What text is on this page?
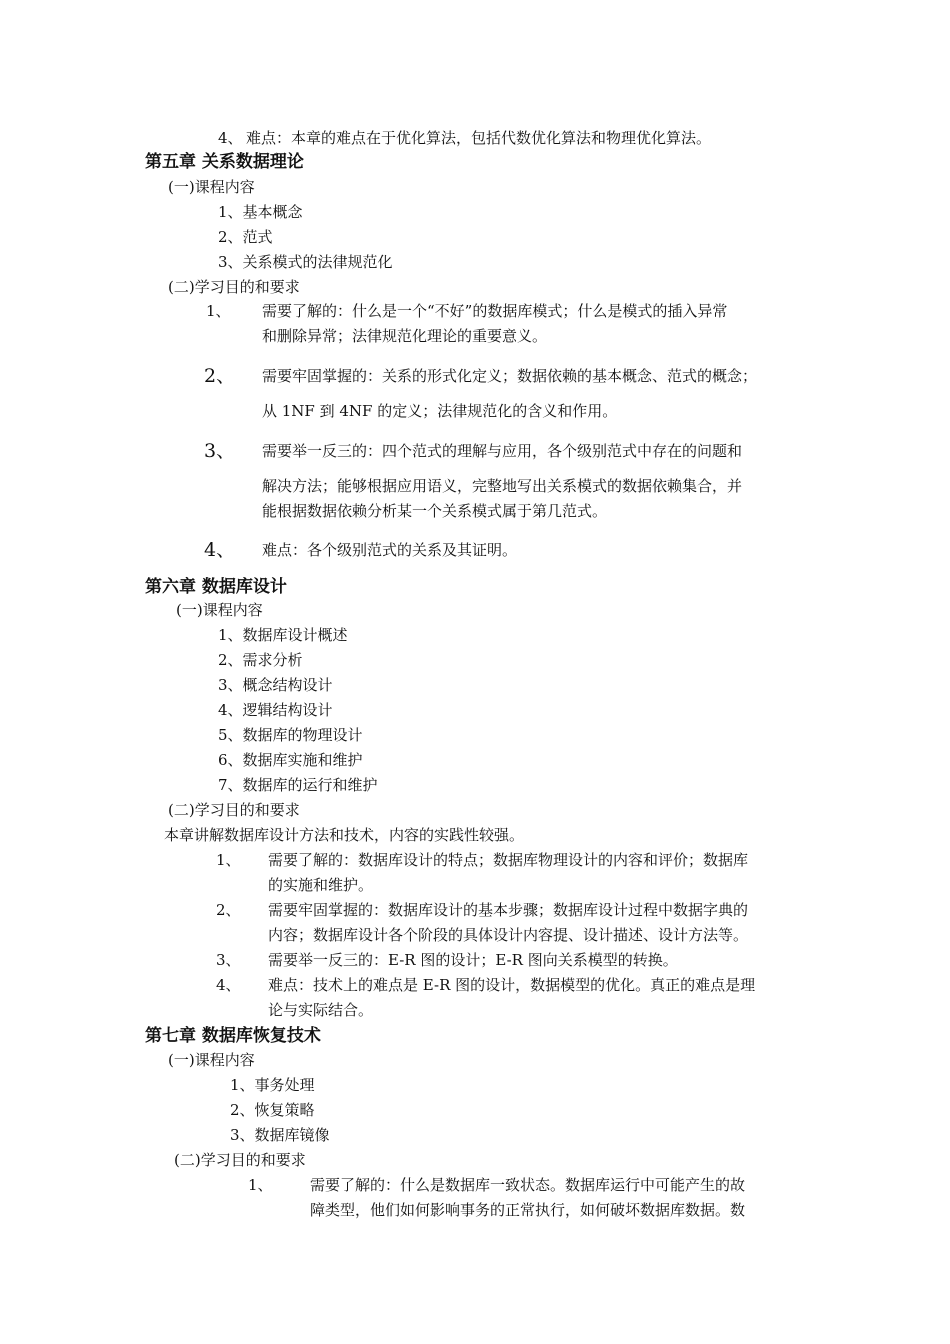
4、 难点：本章的难点在于优化算法，包括代数优化算法和物理优化算法。
第五章 关系数据理论
(一)课程内容
1、基本概念
2、范式
3、关系模式的法律规范化
(二)学习目的和要求
1、 需要了解的：什么是一个“不好”的数据库模式；什么是模式的插入异常
和删除异常；法律规范化理论的重要意义。
2、 需要牢固掌握的：关系的形式化定义；数据依赖的基本概念、范式的概念；
从 1NF 到 4NF 的定义；法律规范化的含义和作用。
3、 需要举一反三的：四个范式的理解与应用，各个级别范式中存在的问题和
解决方法；能够根据应用语义，完整地写出关系模式的数据依赖集合，并
能根据数据依赖分析某一个关系模式属于第几范式。
4、 难点：各个级别范式的关系及其证明。
第六章 数据库设计
(一)课程内容
1、数据库设计概述
2、需求分析
3、概念结构设计
4、逻辑结构设计
5、数据库的物理设计
6、数据库实施和维护
7、数据库的运行和维护
(二)学习目的和要求
本章讲解数据库设计方法和技术，内容的实践性较强。
1、 需要了解的：数据库设计的特点；数据库物理设计的内容和评价；数据库
的实施和维护。
2、 需要牢固掌握的：数据库设计的基本步骤；数据库设计过程中数据字典的
内容；数据库设计各个阶段的具体设计内容提、设计描述、设计方法等。
3、 需要举一反三的：E-R 图的设计；E-R 图向关系模型的转换。
4、 难点：技术上的难点是 E-R 图的设计，数据模型的优化。真正的难点是理
论与实际结合。
第七章 数据库恢复技术
(一)课程内容
1、事务处理
2、恢复策略
3、数据库镜像
(二)学习目的和要求
1、 需要了解的：什么是数据库一致状态。数据库运行中可能产生的故
障类型，他们如何影响事务的正常执行，如何破坏数据库数据。数
